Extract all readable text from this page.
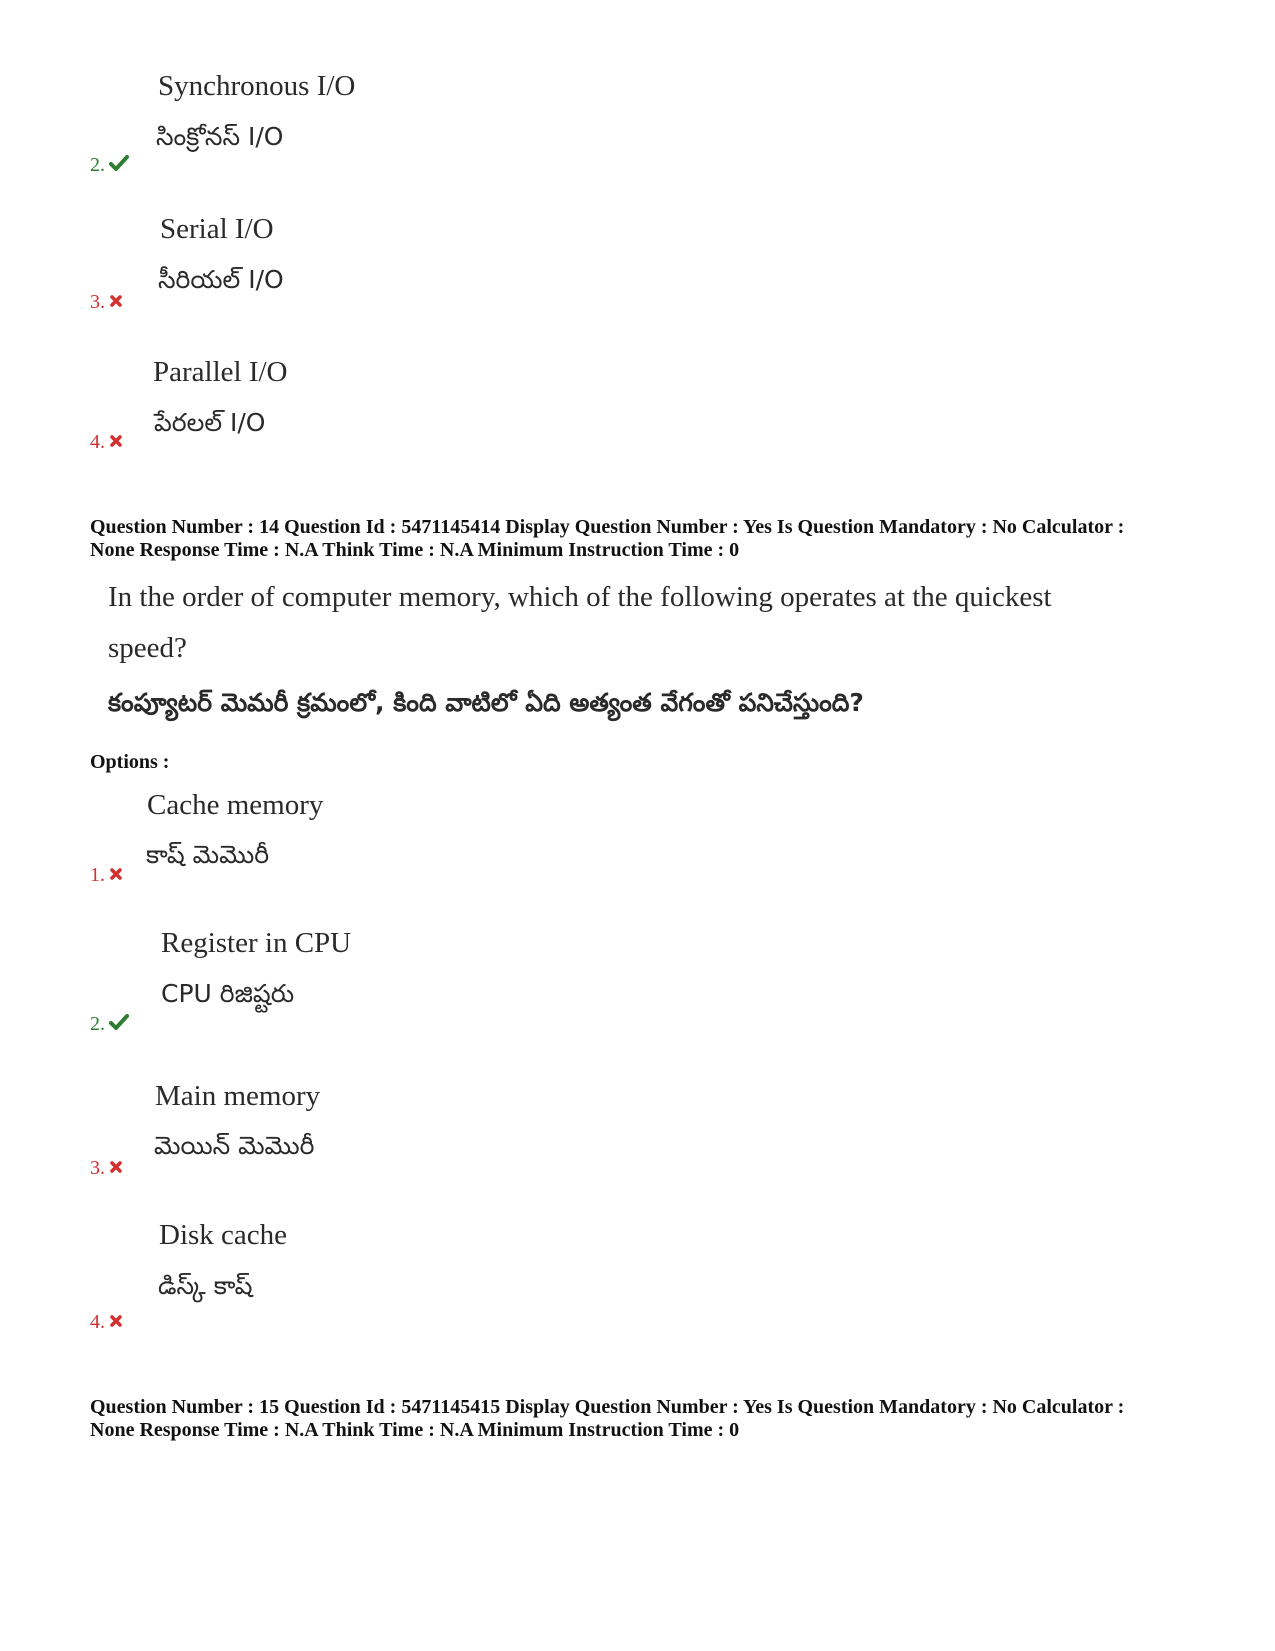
Synchronous I/O
సింక్రోనస్ I/O
2.
Serial I/O
సీరియల్ I/O
3.
Parallel I/O
పేరలల్ I/O
4.
Question Number : 14 Question Id : 5471145414 Display Question Number : Yes Is Question Mandatory : No Calculator :
None Response Time : N.A Think Time : N.A Minimum Instruction Time : 0
In the order of computer memory, which of the following operates at the quickest
speed?
కంప్యూటర్ మెమరీ క్రమంలో, కింది వాటిలో ఏది అత్యంత వేగంతో పనిచేస్తుంది?
Options :
Cache memory
కాష్ మెమొరీ
1.
Register in CPU
CPU రిజిష్టరు
2.
Main memory
మెయిన్ మెమొరీ
3.
Disk cache
డిస్క్ కాష్
4.
Question Number : 15 Question Id : 5471145415 Display Question Number : Yes Is Question Mandatory : No Calculator :
None Response Time : N.A Think Time : N.A Minimum Instruction Time : 0
